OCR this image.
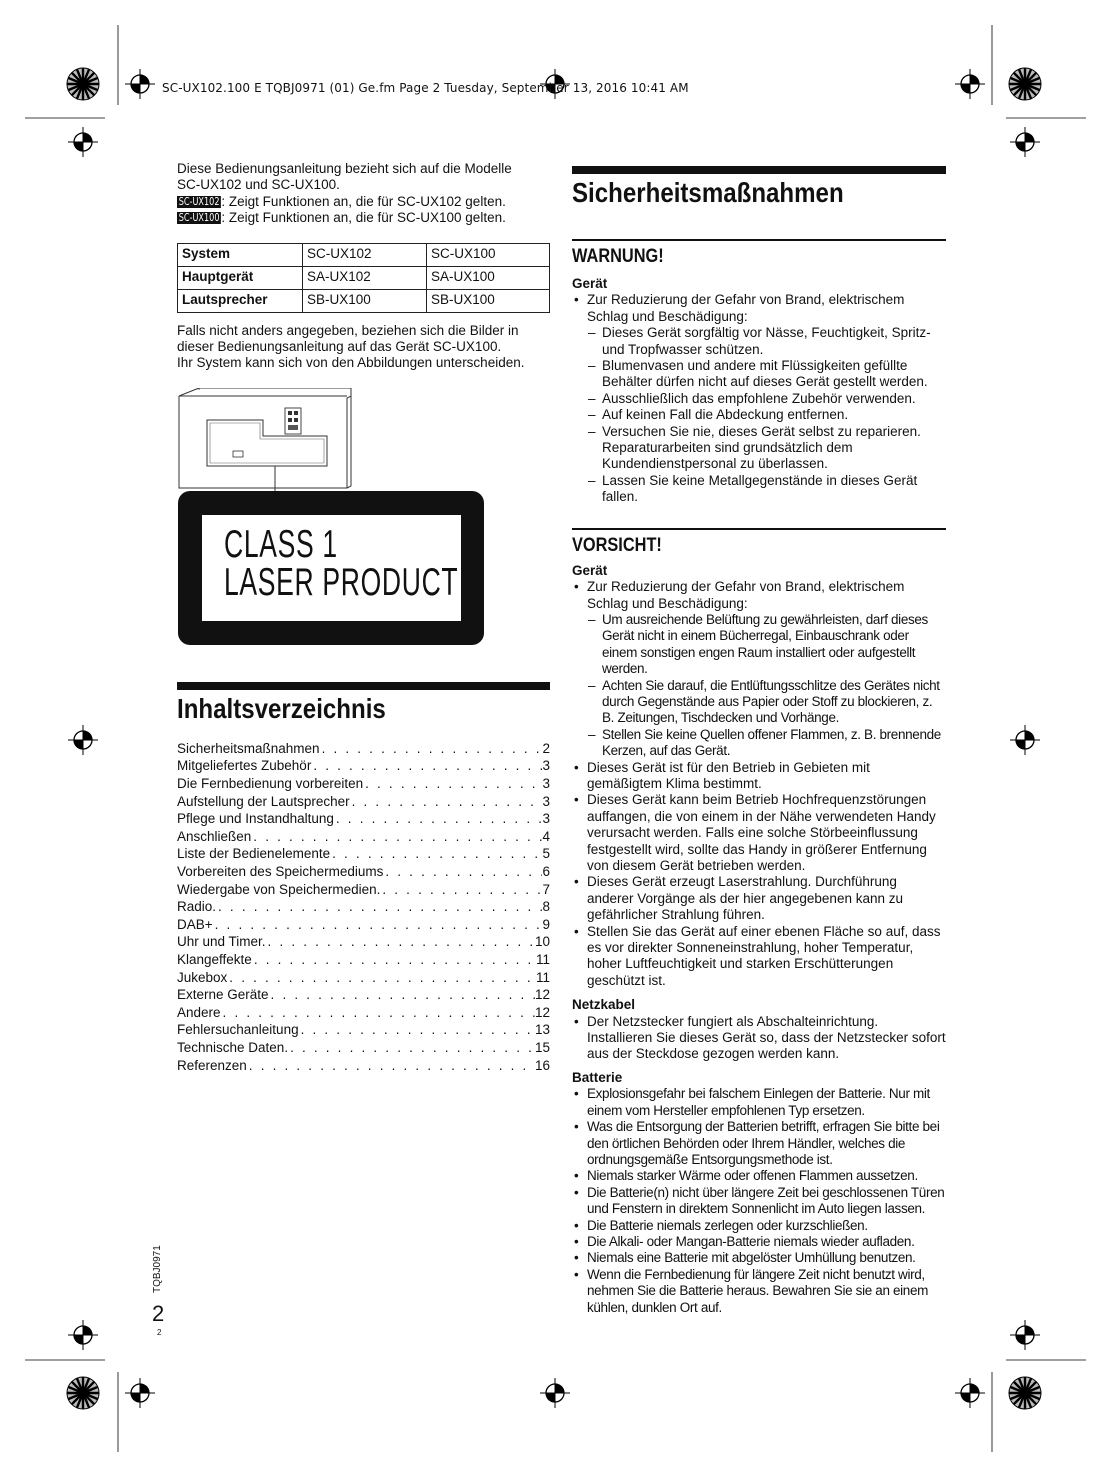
SC-UX102.100 E TQBJ0971 (01) Ge.fm Page 2 Tuesday, September 13, 2016 10:41 AM

Diese Bedienungsanleitung bezieht sich auf die Modelle

SC-UX102 und SC-UX100.

SC-UX102 : Zeigt Funktionen an, die für SC-UX102 gelten.

SC-UX100 : Zeigt Funktionen an, die für SC-UX100 gelten.

System	SC-UX102	SC-UX100
Hauptgerät	SA-UX102	SA-UX100
Lautsprecher	SB-UX100	SB-UX100

Falls nicht anders angegeben, beziehen sich die Bilder in

dieser Bedienungsanleitung auf das Gerät SC-UX100.

Ihr System kann sich von den Abbildungen unterscheiden.

CLASS 1
LASER PRODUCT
Inhaltsverzeichnis
Sicherheitsmaßnahmen . . .	2
Mitgeliefertes Zubehör . . .	3
Die Fernbedienung vorbereiten . . .	3
Aufstellung der Lautsprecher . . .	3
Pflege und Instandhaltung . . .	3
Anschließen . . .	4
Liste der Bedienelemente . . .	5
Vorbereiten des Speichermediums . . .	6
Wiedergabe von Speichermedien. . . .	7
Radio. . . .	8
DAB+ . . .	9
Uhr und Timer. . . .	10
Klangeffekte . . .	11
Jukebox . . .	11
Externe Geräte . . .	12
Andere . . .	12
Fehlersuchanleitung . . .	13
Technische Daten. . . .	15
Referenzen . . .	16
Sicherheitsmaßnahmen
WARNUNG!
Gerät
• Zur Reduzierung der Gefahr von Brand, elektrischem Schlag und Beschädigung:
– Dieses Gerät sorgfältig vor Nässe, Feuchtigkeit, Spritz- und Tropfwasser schützen.
– Blumenvasen und andere mit Flüssigkeiten gefüllte Behälter dürfen nicht auf dieses Gerät gestellt werden.
– Ausschließlich das empfohlene Zubehör verwenden.
– Auf keinen Fall die Abdeckung entfernen.
– Versuchen Sie nie, dieses Gerät selbst zu reparieren. Reparaturarbeiten sind grundsätzlich dem Kundendienstpersonal zu überlassen.
– Lassen Sie keine Metallgegenstände in dieses Gerät fallen.
VORSICHT!
Gerät
• Zur Reduzierung der Gefahr von Brand, elektrischem Schlag und Beschädigung:
– Um ausreichende Belüftung zu gewährleisten, darf dieses Gerät nicht in einem Bücherregal, Einbauschrank oder einem sonstigen engen Raum installiert oder aufgestellt werden.
– Achten Sie darauf, die Entlüftungsschlitze des Gerätes nicht durch Gegenstände aus Papier oder Stoff zu blockieren, z. B. Zeitungen, Tischdecken und Vorhänge.
– Stellen Sie keine Quellen offener Flammen, z. B. brennende Kerzen, auf das Gerät.
• Dieses Gerät ist für den Betrieb in Gebieten mit gemäßigtem Klima bestimmt.
• Dieses Gerät kann beim Betrieb Hochfrequenzstörungen auffangen, die von einem in der Nähe verwendeten Handy verursacht werden. Falls eine solche Störbeeinflussung festgestellt wird, sollte das Handy in größerer Entfernung von diesem Gerät betrieben werden.
• Dieses Gerät erzeugt Laserstrahlung. Durchführung anderer Vorgänge als der hier angegebenen kann zu gefährlicher Strahlung führen.
• Stellen Sie das Gerät auf einer ebenen Fläche so auf, dass es vor direkter Sonneneinstrahlung, hoher Temperatur, hoher Luftfeuchtigkeit und starken Erschütterungen geschützt ist.
Netzkabel
• Der Netzstecker fungiert als Abschalteinrichtung. Installieren Sie dieses Gerät so, dass der Netzstecker sofort aus der Steckdose gezogen werden kann.
Batterie
• Explosionsgefahr bei falschem Einlegen der Batterie. Nur mit einem vom Hersteller empfohlenen Typ ersetzen.
• Was die Entsorgung der Batterien betrifft, erfragen Sie bitte bei den örtlichen Behörden oder Ihrem Händler, welches die ordnungsgemäße Entsorgungsmethode ist.
• Niemals starker Wärme oder offenen Flammen aussetzen.
• Die Batterie(n) nicht über längere Zeit bei geschlossenen Türen und Fenstern in direktem Sonnenlicht im Auto liegen lassen.
• Die Batterie niemals zerlegen oder kurzschließen.
• Die Alkali- oder Mangan-Batterie niemals wieder aufladen.
• Niemals eine Batterie mit abgelöster Umhüllung benutzen.
• Wenn die Fernbedienung für längere Zeit nicht benutzt wird, nehmen Sie die Batterie heraus. Bewahren Sie sie an einem kühlen, dunklen Ort auf.
TQBJ0971
2
2
